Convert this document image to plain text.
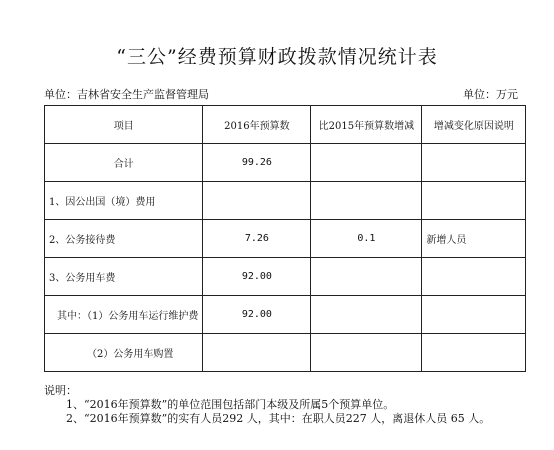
“三公”经费预算财政拨款情况统计表
单位：吉林省安全生产监督管理局	单位：万元
项目	2016年预算数	比2015年预算数增减	增减变化原因说明
合计	99.26		
1、因公出国（境）费用			
2、公务接待费	7.26	0.1	新增人员
3、公务用车费	92.00		
其中：（1）公务用车运行维护费	92.00		
（2）公务用车购置			
说明：
1、“2016年预算数”的单位范围包括部门本级及所属5个预算单位。
2、“2016年预算数”的实有人员292 人，其中：在职人员227 人，离退休人员 65 人。
